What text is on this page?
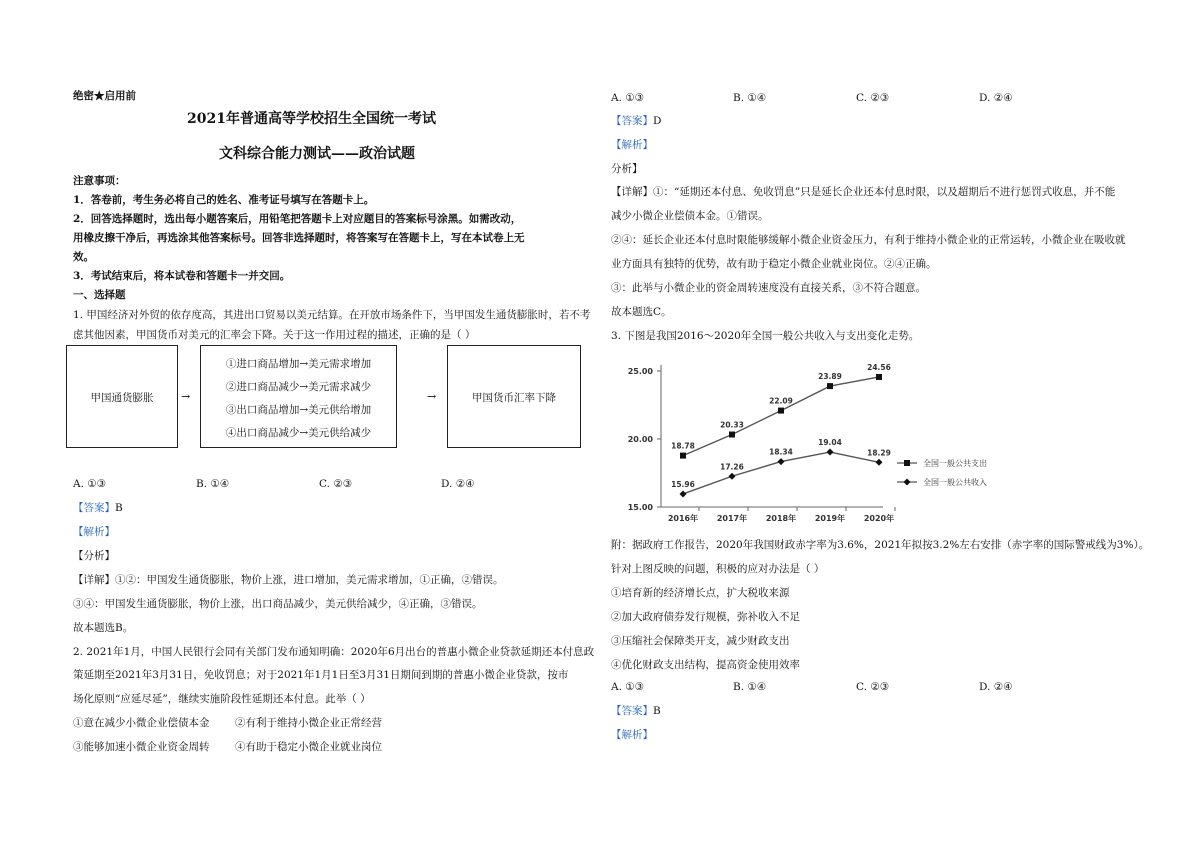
绝密★启用前
2021年普通高等学校招生全国统一考试
文科综合能力测试——政治试题
注意事项：
1．答卷前，考生务必将自己的姓名、准考证号填写在答题卡上。
2．回答选择题时，选出每小题答案后，用铅笔把答题卡上对应题目的答案标号涂黑。如需改动，
用橡皮擦干净后，再选涂其他答案标号。回答非选择题时，将答案写在答题卡上，写在本试卷上无
效。
3．考试结束后，将本试卷和答题卡一并交回。
一、选择题
1. 甲国经济对外贸的依存度高，其进出口贸易以美元结算。在开放市场条件下，当甲国发生通货膨胀时，若不考
虑其他因素，甲国货币对美元的汇率会下降。关于这一作用过程的描述，正确的是（ ）
甲国通货膨胀	→
①进口商品增加→美元需求增加
②进口商品减少→美元需求减少
③出口商品增加→美元供给增加
④出口商品减少→美元供给减少
→	甲国货币汇率下降
A. ①③	B. ①④	C. ②③	D. ②④
【答案】B
【解析】
【分析】
【详解】①②：甲国发生通货膨胀，物价上涨，进口增加，美元需求增加，①正确，②错误。
③④：甲国发生通货膨胀，物价上涨，出口商品减少，美元供给减少，④正确，③错误。
故本题选B。
2. 2021年1月，中国人民银行会同有关部门发布通知明确：2020年6月出台的普惠小微企业贷款延期还本付息政
策延期至2021年3月31日，免收罚息；对于2021年1月1日至3月31日期间到期的普惠小微企业贷款，按市
场化原则“应延尽延”，继续实施阶段性延期还本付息。此举（ ）
①意在减少小微企业偿债本金 ②有利于维持小微企业正常经营
③能够加速小微企业资金周转 ④有助于稳定小微企业就业岗位
A. ①③	B. ①④	C. ②③	D. ②④
【答案】D
【解析】
分析】
【详解】①：“延期还本付息、免收罚息”只是延长企业还本付息时限，以及超期后不进行惩罚式收息，并不能
减少小微企业偿债本金。①错误。
②④：延长企业还本付息时限能够缓解小微企业资金压力，有利于维持小微企业的正常运转，小微企业在吸收就
业方面具有独特的优势，故有助于稳定小微企业就业岗位。②④正确。
③：此举与小微企业的资金周转速度没有直接关系，③不符合题意。
故本题选C。
3. 下图是我国2016～2020年全国一般公共收入与支出变化走势。
15.00
20.00
25.00
2016年 2017年 2018年 2019年 2020年
18.78
20.33
22.09
23.89
24.56
15.96
17.26
18.34
19.04
18.29
全国一般公共支出
全国一般公共收入
附：据政府工作报告，2020年我国财政赤字率为3.6%，2021年拟按3.2%左右安排（赤字率的国际警戒线为3%）。
针对上图反映的问题，积极的应对办法是（ ）
①培育新的经济增长点，扩大税收来源
②加大政府债券发行规模，弥补收入不足
③压缩社会保障类开支，减少财政支出
④优化财政支出结构，提高资金使用效率
A. ①③	B. ①④	C. ②③	D. ②④
【答案】B
【解析】
